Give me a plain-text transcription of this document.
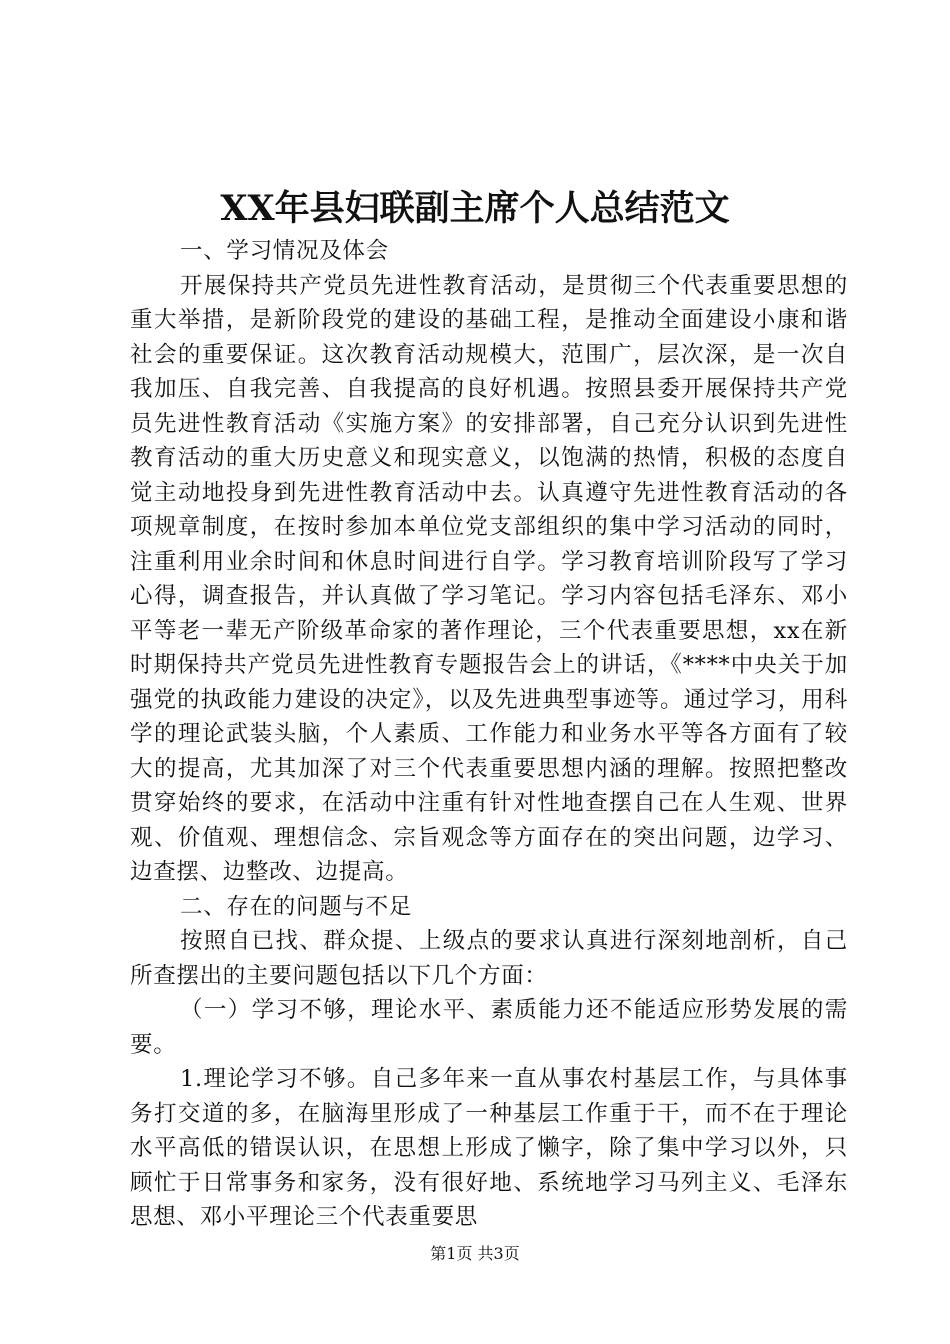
XX年县妇联副主席个人总结范文

一、学习情况及体会

开展保持共产党员先进性教育活动，是贯彻三个代表重要思想的重大举措，是新阶段党的建设的基础工程，是推动全面建设小康和谐社会的重要保证。这次教育活动规模大，范围广，层次深，是一次自我加压、自我完善、自我提高的良好机遇。按照县委开展保持共产党员先进性教育活动《实施方案》的安排部署，自己充分认识到先进性教育活动的重大历史意义和现实意义，以饱满的热情，积极的态度自觉主动地投身到先进性教育活动中去。认真遵守先进性教育活动的各项规章制度，在按时参加本单位党支部组织的集中学习活动的同时，注重利用业余时间和休息时间进行自学。学习教育培训阶段写了学习心得，调查报告，并认真做了学习笔记。学习内容包括毛泽东、邓小平等老一辈无产阶级革命家的著作理论，三个代表重要思想，xx在新时期保持共产党员先进性教育专题报告会上的讲话，《****中央关于加强党的执政能力建设的决定》，以及先进典型事迹等。通过学习，用科学的理论武装头脑，个人素质、工作能力和业务水平等各方面有了较大的提高，尤其加深了对三个代表重要思想内涵的理解。按照把整改贯穿始终的要求，在活动中注重有针对性地查摆自己在人生观、世界观、价值观、理想信念、宗旨观念等方面存在的突出问题，边学习、边查摆、边整改、边提高。

二、存在的问题与不足

按照自已找、群众提、上级点的要求认真进行深刻地剖析，自己所查摆出的主要问题包括以下几个方面：

（一）学习不够，理论水平、素质能力还不能适应形势发展的需要。

1.理论学习不够。自己多年来一直从事农村基层工作，与具体事务打交道的多，在脑海里形成了一种基层工作重于干，而不在于理论水平高低的错误认识，在思想上形成了懒字，除了集中学习以外，只顾忙于日常事务和家务，没有很好地、系统地学习马列主义、毛泽东思想、邓小平理论三个代表重要思

第1页 共3页
